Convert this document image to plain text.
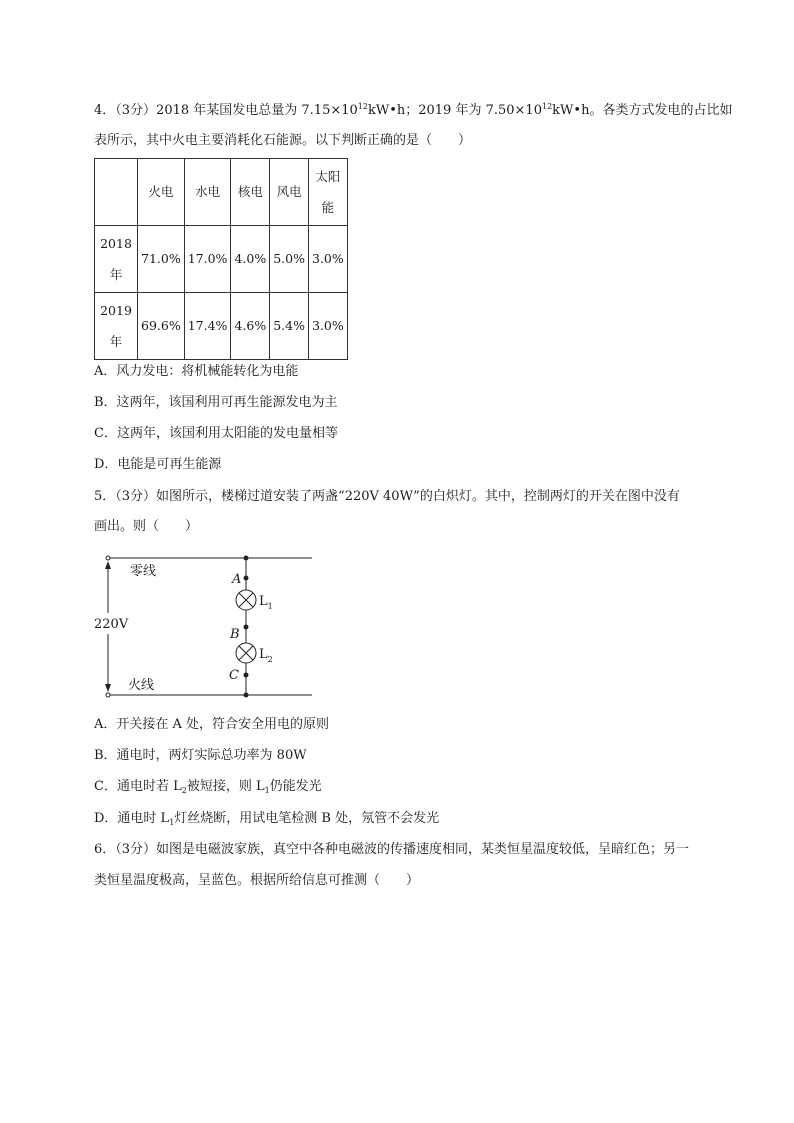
4．（3分）2018 年某国发电总量为 $7.15\times 10^{12}kW•h$；2019 年为 $7.50\times 10^{12}kW•h$。各类方式发电的占比如
表所示，其中火电主要消耗化石能源。以下判断正确的是（　　）
	火电	水电	核电	风电	太阳
能
2018
年	71.0%	17.0%	4.0%	5.0%	3.0%
2019
年	69.6%	17.4%	4.6%	5.4%	3.0%
A．风力发电：将机械能转化为电能
B．这两年，该国利用可再生能源发电为主
C．这两年，该国利用太阳能的发电量相等
D．电能是可再生能源
5．（3分）如图所示，楼梯过道安装了两盏“220V 40W”的白炽灯。其中，控制两灯的开关在图中没有
画出。则（　　）
零线
火线
220V
A
B
C
$L_1$
$L_2$
A．开关接在 A 处，符合安全用电的原则
B．通电时，两灯实际总功率为 80W
C．通电时若 $L_2$被短接，则 $L_1$仍能发光
D．通电时 $L_1$灯丝烧断，用试电笔检测 B 处，氖管不会发光
6．（3分）如图是电磁波家族，真空中各种电磁波的传播速度相同，某类恒星温度较低，呈暗红色；另一
类恒星温度极高，呈蓝色。根据所给信息可推测（　　）
